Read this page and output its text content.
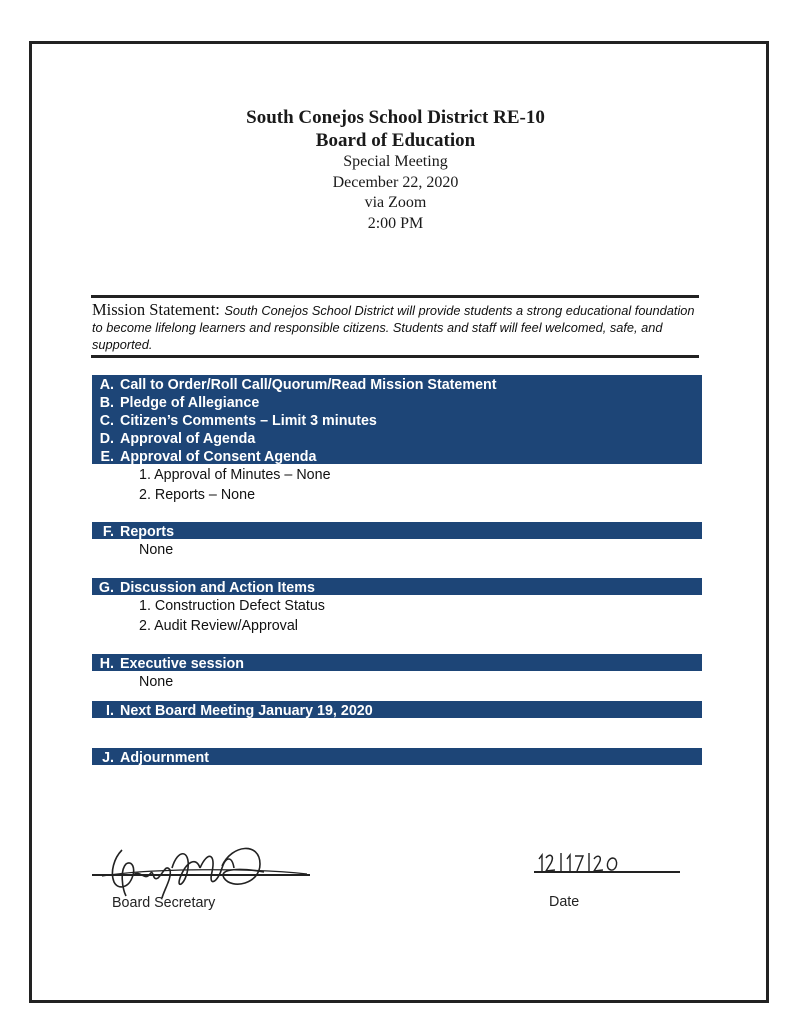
South Conejos School District RE-10
Board of Education
Special Meeting
December 22, 2020
via Zoom
2:00 PM
Mission Statement: South Conejos School District will provide students a strong educational foundation to become lifelong learners and responsible citizens. Students and staff will feel welcomed, safe, and supported.
A. Call to Order/Roll Call/Quorum/Read Mission Statement
B. Pledge of Allegiance
C. Citizen’s Comments – Limit 3 minutes
D. Approval of Agenda
E. Approval of Consent Agenda
1. Approval of Minutes – None
2. Reports – None
F. Reports
None
G. Discussion and Action Items
1. Construction Defect Status
2. Audit Review/Approval
H. Executive session
None
I. Next Board Meeting January 19, 2020
J. Adjournment
Board Secretary	Date
